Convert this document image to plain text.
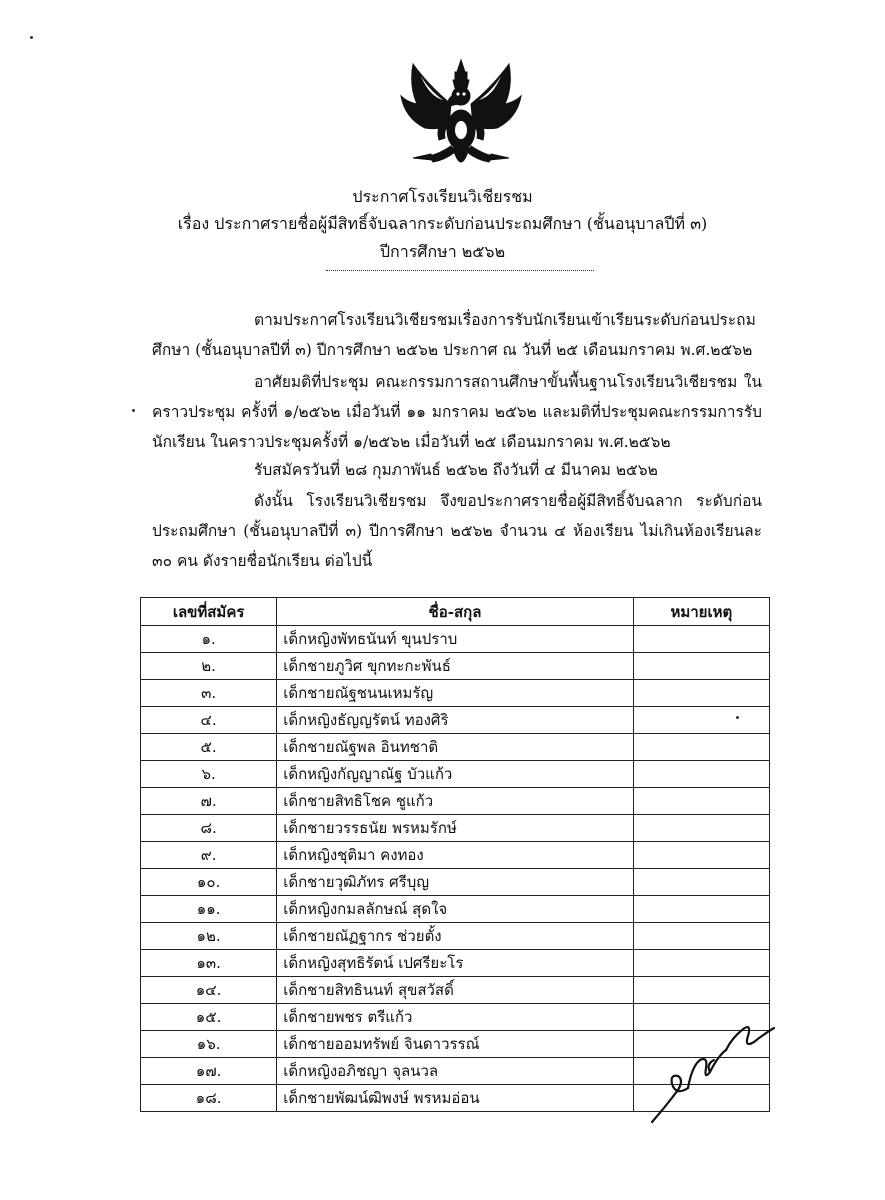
ประกาศโรงเรียนวิเชียรชม
เรื่อง ประกาศรายชื่อผู้มีสิทธิ์จับฉลากระดับก่อนประถมศึกษา (ชั้นอนุบาลปีที่ ๓)
ปีการศึกษา ๒๕๖๒
ตามประกาศโรงเรียนวิเชียรชมเรื่องการรับนักเรียนเข้าเรียนระดับก่อนประถมศึกษา (ชั้นอนุบาลปีที่ ๓) ปีการศึกษา ๒๕๖๒ ประกาศ ณ วันที่ ๒๕ เดือนมกราคม พ.ศ.๒๕๖๒
อาศัยมติที่ประชุม คณะกรรมการสถานศึกษาขั้นพื้นฐานโรงเรียนวิเชียรชม ในคราวประชุม ครั้งที่ ๑/๒๕๖๒ เมื่อวันที่ ๑๑ มกราคม ๒๕๖๒ และมติที่ประชุมคณะกรรมการรับนักเรียน ในคราวประชุมครั้งที่ ๑/๒๕๖๒ เมื่อวันที่ ๒๕ เดือนมกราคม พ.ศ.๒๕๖๒
รับสมัครวันที่ ๒๘ กุมภาพันธ์ ๒๕๖๒ ถึงวันที่ ๔ มีนาคม ๒๕๖๒
ดังนั้น โรงเรียนวิเชียรชม จึงขอประกาศรายชื่อผู้มีสิทธิ์จับฉลาก ระดับก่อนประถมศึกษา (ชั้นอนุบาลปีที่ ๓) ปีการศึกษา ๒๕๖๒ จำนวน ๔ ห้องเรียน ไม่เกินห้องเรียนละ ๓๐ คน ดังรายชื่อนักเรียน ต่อไปนี้
เลขที่สมัคร	ชื่อ-สกุล	หมายเหตุ
๑.	เด็กหญิงพัทธนันท์ ขุนปราบ	
๒.	เด็กชายภูวิศ ขุกทะกะพันธ์	
๓.	เด็กชายณัฐชนนเหมรัญ	
๔.	เด็กหญิงธัญญรัตน์ ทองศิริ	
๕.	เด็กชายณัฐพล อินทชาติ	
๖.	เด็กหญิงกัญญาณัฐ บัวแก้ว	
๗.	เด็กชายสิทธิโชค ชูแก้ว	
๘.	เด็กชายวรรธนัย พรหมรักษ์	
๙.	เด็กหญิงชุติมา คงทอง	
๑๐.	เด็กชายวุฒิภัทร ศรีบุญ	
๑๑.	เด็กหญิงกมลลักษณ์ สุดใจ	
๑๒.	เด็กชายณัฏฐากร ช่วยตั้ง	
๑๓.	เด็กหญิงสุทธิรัตน์ เปศรียะโร	
๑๔.	เด็กชายสิทธินนท์ สุขสวัสดิ์	
๑๕.	เด็กชายพชร ตรีแก้ว	
๑๖.	เด็กชายออมทรัพย์ จินดาวรรณ์	
๑๗.	เด็กหญิงอภิชญา จุลนวล	
๑๘.	เด็กชายพัฒน์ฒิพงษ์ พรหมอ่อน	
